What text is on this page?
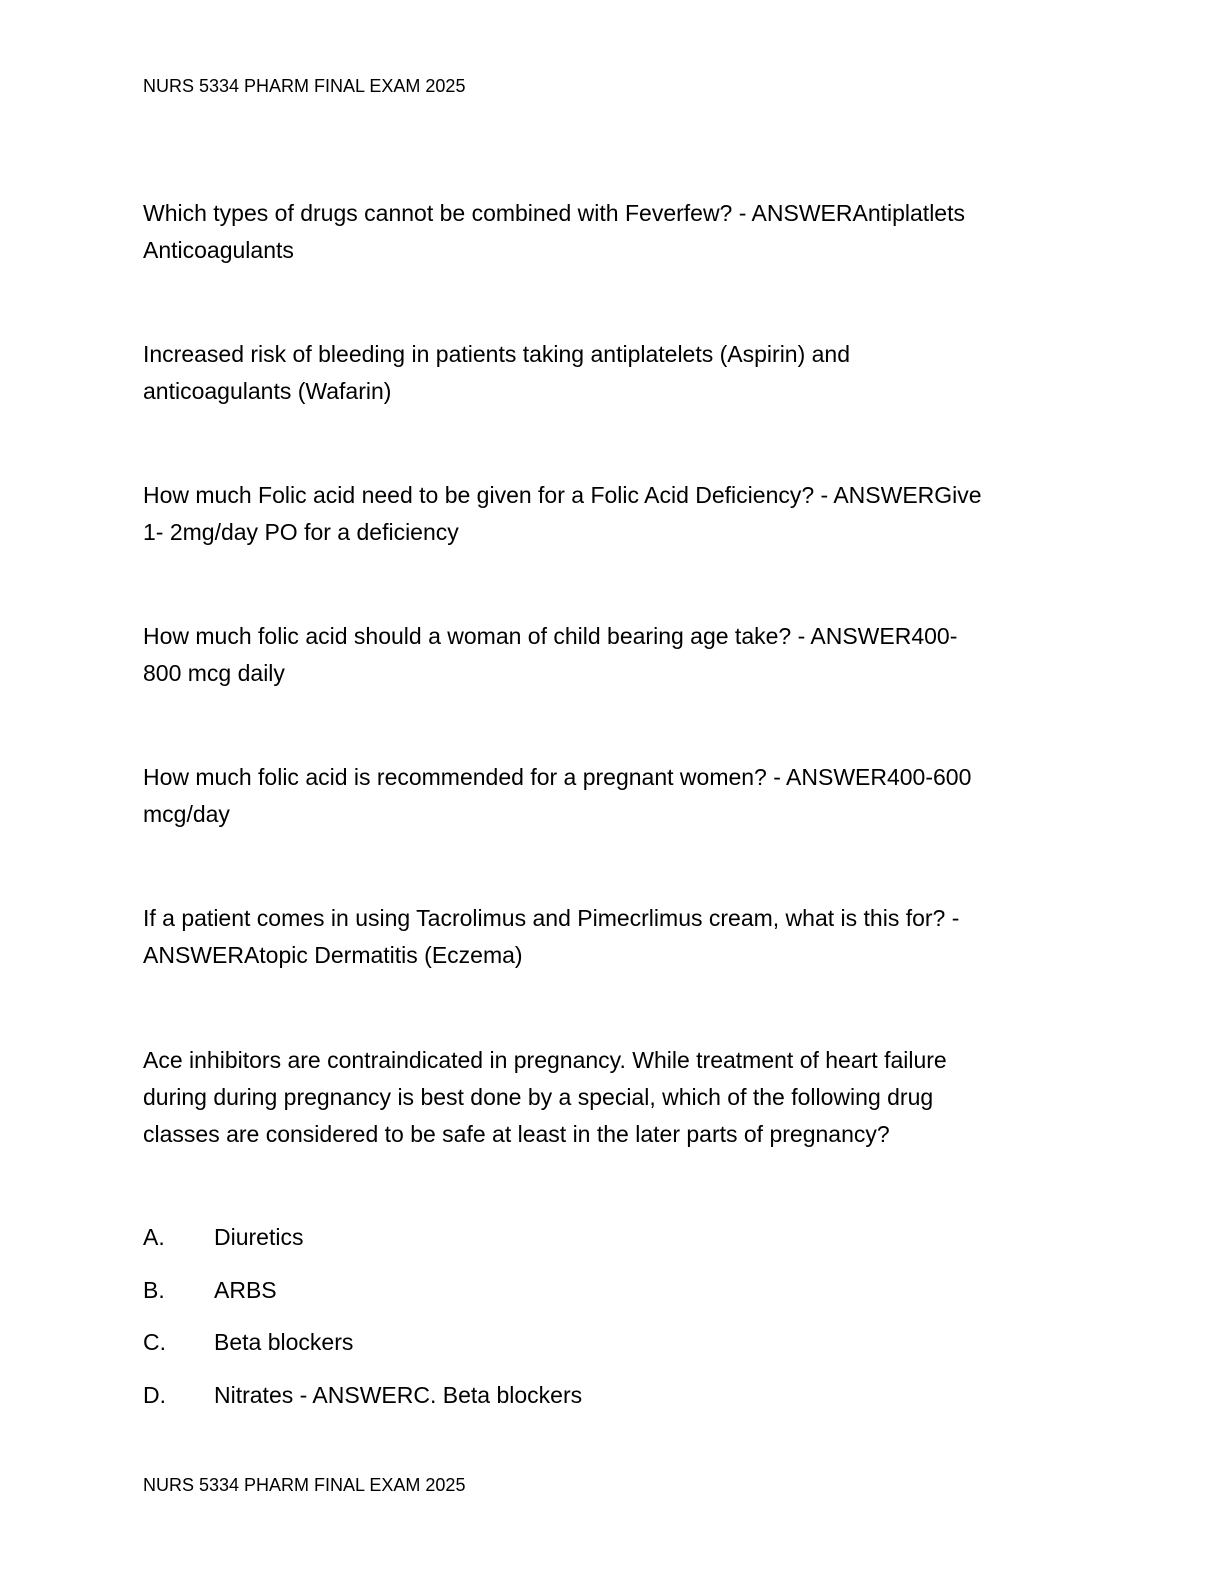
NURS 5334 PHARM FINAL EXAM 2025

Which types of drugs cannot be combined with Feverfew? - ANSWERAntiplatlets
Anticoagulants

Increased risk of bleeding in patients taking antiplatelets (Aspirin) and
anticoagulants (Wafarin)

How much Folic acid need to be given for a Folic Acid Deficiency? - ANSWERGive
1- 2mg/day PO for a deficiency

How much folic acid should a woman of child bearing age take? - ANSWER400-
800 mcg daily

How much folic acid is recommended for a pregnant women? - ANSWER400-600
mcg/day

If a patient comes in using Tacrolimus and Pimecrlimus cream, what is this for? -
ANSWERAtopic Dermatitis (Eczema)

Ace inhibitors are contraindicated in pregnancy. While treatment of heart failure
during during pregnancy is best done by a special, which of the following drug
classes are considered to be safe at least in the later parts of pregnancy?

A. Diuretics
B. ARBS
C. Beta blockers
D. Nitrates - ANSWERC. Beta blockers
NURS 5334 PHARM FINAL EXAM 2025
